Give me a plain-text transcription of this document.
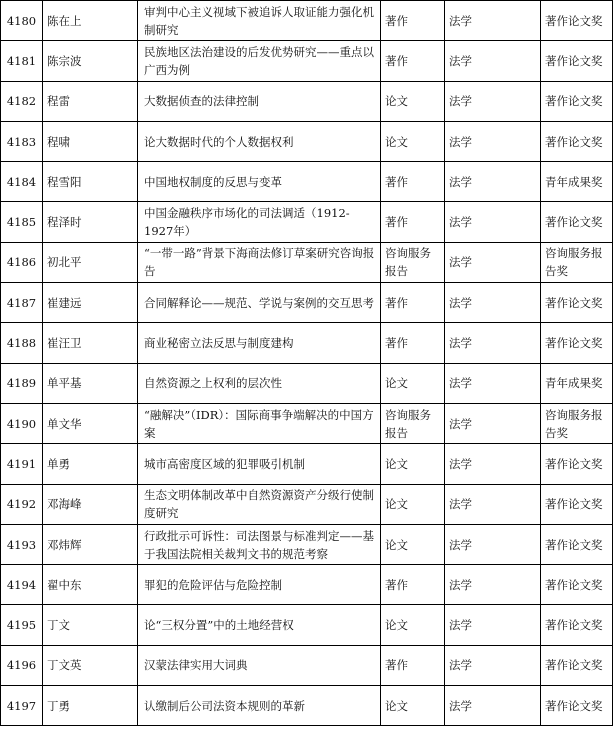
4180	陈在上	审判中心主义视域下被追诉人取证能力强化机制研究	著作	法学	著作论文奖
4181	陈宗波	民族地区法治建设的后发优势研究——重点以广西为例	著作	法学	著作论文奖
4182	程雷	大数据侦查的法律控制	论文	法学	著作论文奖
4183	程啸	论大数据时代的个人数据权利	论文	法学	著作论文奖
4184	程雪阳	中国地权制度的反思与变革	著作	法学	青年成果奖
4185	程泽时	中国金融秩序市场化的司法调适（1912-1927年）	著作	法学	著作论文奖
4186	初北平	“一带一路”背景下海商法修订草案研究咨询报告	咨询服务报告	法学	咨询服务报告奖
4187	崔建远	合同解释论——规范、学说与案例的交互思考	著作	法学	著作论文奖
4188	崔汪卫	商业秘密立法反思与制度建构	著作	法学	著作论文奖
4189	单平基	自然资源之上权利的层次性	论文	法学	青年成果奖
4190	单文华	“融解决”（IDR）：国际商事争端解决的中国方案	咨询服务报告	法学	咨询服务报告奖
4191	单勇	城市高密度区域的犯罪吸引机制	论文	法学	著作论文奖
4192	邓海峰	生态文明体制改革中自然资源资产分级行使制度研究	论文	法学	著作论文奖
4193	邓炜辉	行政批示可诉性：司法图景与标准判定——基于我国法院相关裁判文书的规范考察	论文	法学	著作论文奖
4194	翟中东	罪犯的危险评估与危险控制	著作	法学	著作论文奖
4195	丁文	论“三权分置”中的土地经营权	论文	法学	著作论文奖
4196	丁文英	汉蒙法律实用大词典	著作	法学	著作论文奖
4197	丁勇	认缴制后公司法资本规则的革新	论文	法学	著作论文奖
